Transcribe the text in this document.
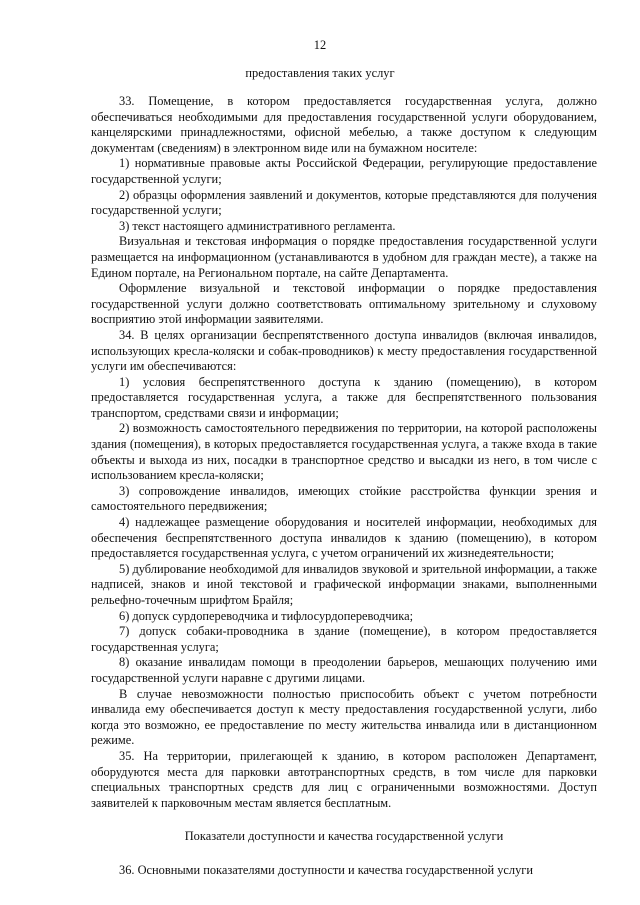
12
предоставления таких услуг

33. Помещение, в котором предоставляется государственная услуга, должно обеспечиваться необходимыми для предоставления государственной услуги оборудованием, канцелярскими принадлежностями, офисной мебелью, а также доступом к следующим документам (сведениям) в электронном виде или на бумажном носителе:

1) нормативные правовые акты Российской Федерации, регулирующие предоставление государственной услуги;

2) образцы оформления заявлений и документов, которые представляются для получения государственной услуги;

3) текст настоящего административного регламента.

Визуальная и текстовая информация о порядке предоставления государственной услуги размещается на информационном (устанавливаются в удобном для граждан месте), а также на Едином портале, на Региональном портале, на сайте Департамента.

Оформление визуальной и текстовой информации о порядке предоставления государственной услуги должно соответствовать оптимальному зрительному и слуховому восприятию этой информации заявителями.

34. В целях организации беспрепятственного доступа инвалидов (включая инвалидов, использующих кресла-коляски и собак-проводников) к месту предоставления государственной услуги им обеспечиваются:

1) условия беспрепятственного доступа к зданию (помещению), в котором предоставляется государственная услуга, а также для беспрепятственного пользования транспортом, средствами связи и информации;

2) возможность самостоятельного передвижения по территории, на которой расположены здания (помещения), в которых предоставляется государственная услуга, а также входа в такие объекты и выхода из них, посадки в транспортное средство и высадки из него, в том числе с использованием кресла-коляски;

3) сопровождение инвалидов, имеющих стойкие расстройства функции зрения и самостоятельного передвижения;

4) надлежащее размещение оборудования и носителей информации, необходимых для обеспечения беспрепятственного доступа инвалидов к зданию (помещению), в котором предоставляется государственная услуга, с учетом ограничений их жизнедеятельности;

5) дублирование необходимой для инвалидов звуковой и зрительной информации, а также надписей, знаков и иной текстовой и графической информации знаками, выполненными рельефно-точечным шрифтом Брайля;

6) допуск сурдопереводчика и тифлосурдопереводчика;

7) допуск собаки-проводника в здание (помещение), в котором предоставляется государственная услуга;

8) оказание инвалидам помощи в преодолении барьеров, мешающих получению ими государственной услуги наравне с другими лицами.

В случае невозможности полностью приспособить объект с учетом потребности инвалида ему обеспечивается доступ к месту предоставления государственной услуги, либо когда это возможно, ее предоставление по месту жительства инвалида или в дистанционном режиме.

35. На территории, прилегающей к зданию, в котором расположен Департамент, оборудуются места для парковки автотранспортных средств, в том числе для парковки специальных транспортных средств для лиц с ограниченными возможностями. Доступ заявителей к парковочным местам является бесплатным.

Показатели доступности и качества государственной услуги

36. Основными показателями доступности и качества государственной услуги
